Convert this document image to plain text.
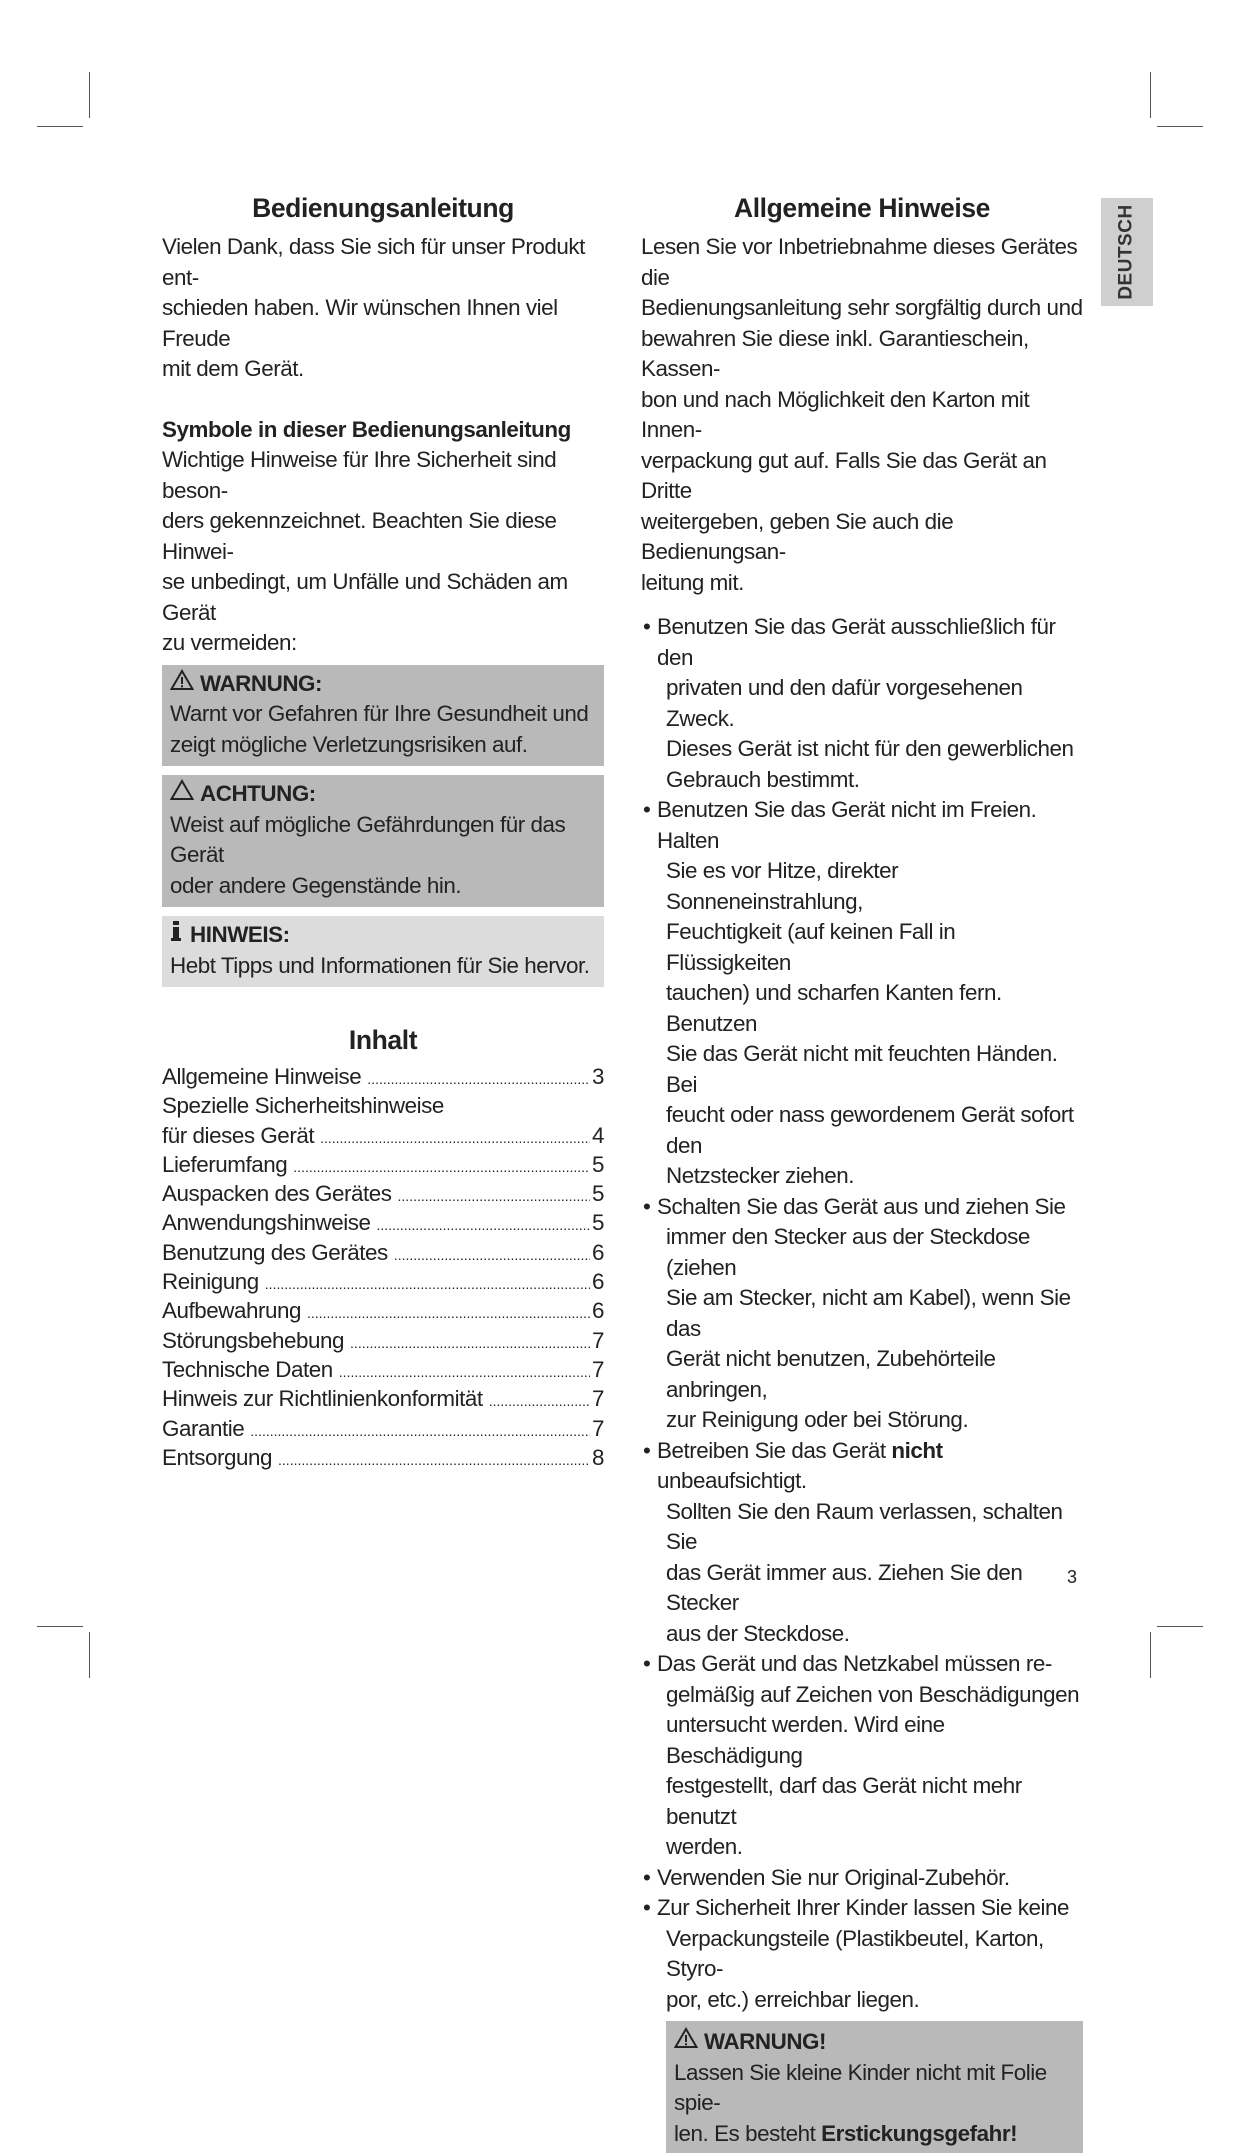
Bedienungsanleitung

Vielen Dank, dass Sie sich für unser Produkt ent-

schieden haben. Wir wünschen Ihnen viel Freude

mit dem Gerät.

Symbole in dieser Bedienungsanleitung

Wichtige Hinweise für Ihre Sicherheit sind beson-

ders gekennzeichnet. Beachten Sie diese Hinwei-

se unbedingt, um Unfälle und Schäden am Gerät

zu vermeiden:

WARNUNG:

Warnt vor Gefahren für Ihre Gesundheit und

zeigt mögliche Verletzungsrisiken auf.

ACHTUNG:

Weist auf mögliche Gefährdungen für das Gerät

oder andere Gegenstände hin.

HINWEIS:

Hebt Tipps und Informationen für Sie hervor.

Inhalt
Allgemeine Hinweise .....	3
Spezielle Sicherheitshinweise
für dieses Gerät .....	4
Lieferumfang .....	5
Auspacken des Gerätes .....	5
Anwendungshinweise .....	5
Benutzung des Gerätes .....	6
Reinigung .....	6
Aufbewahrung .....	6
Störungsbehebung .....	7
Technische Daten .....	7
Hinweis zur Richtlinienkonformität .....	7
Garantie .....	7
Entsorgung .....	8
Allgemeine Hinweise

Lesen Sie vor Inbetriebnahme dieses Gerätes die

Bedienungsanleitung sehr sorgfältig durch und

bewahren Sie diese inkl. Garantieschein, Kassen-

bon und nach Möglichkeit den Karton mit Innen-

verpackung gut auf. Falls Sie das Gerät an Dritte

weitergeben, geben Sie auch die Bedienungsan-

leitung mit.

• Benutzen Sie das Gerät ausschließlich für den
privaten und den dafür vorgesehenen Zweck.
Dieses Gerät ist nicht für den gewerblichen
Gebrauch bestimmt.
• Benutzen Sie das Gerät nicht im Freien. Halten
Sie es vor Hitze, direkter Sonneneinstrahlung,
Feuchtigkeit (auf keinen Fall in Flüssigkeiten
tauchen) und scharfen Kanten fern. Benutzen
Sie das Gerät nicht mit feuchten Händen. Bei
feucht oder nass gewordenem Gerät sofort den
Netzstecker ziehen.
• Schalten Sie das Gerät aus und ziehen Sie
immer den Stecker aus der Steckdose (ziehen
Sie am Stecker, nicht am Kabel), wenn Sie das
Gerät nicht benutzen, Zubehörteile anbringen,
zur Reinigung oder bei Störung.
• Betreiben Sie das Gerät nicht unbeaufsichtigt.
Sollten Sie den Raum verlassen, schalten Sie
das Gerät immer aus. Ziehen Sie den Stecker
aus der Steckdose.
• Das Gerät und das Netzkabel müssen re-
gelmäßig auf Zeichen von Beschädigungen
untersucht werden. Wird eine Beschädigung
festgestellt, darf das Gerät nicht mehr benutzt
werden.
• Verwenden Sie nur Original-Zubehör.
• Zur Sicherheit Ihrer Kinder lassen Sie keine
Verpackungsteile (Plastikbeutel, Karton, Styro-
por, etc.) erreichbar liegen.
WARNUNG!

Lassen Sie kleine Kinder nicht mit Folie spie-

len. Es besteht Erstickungsgefahr!

DEUTSCH
3
